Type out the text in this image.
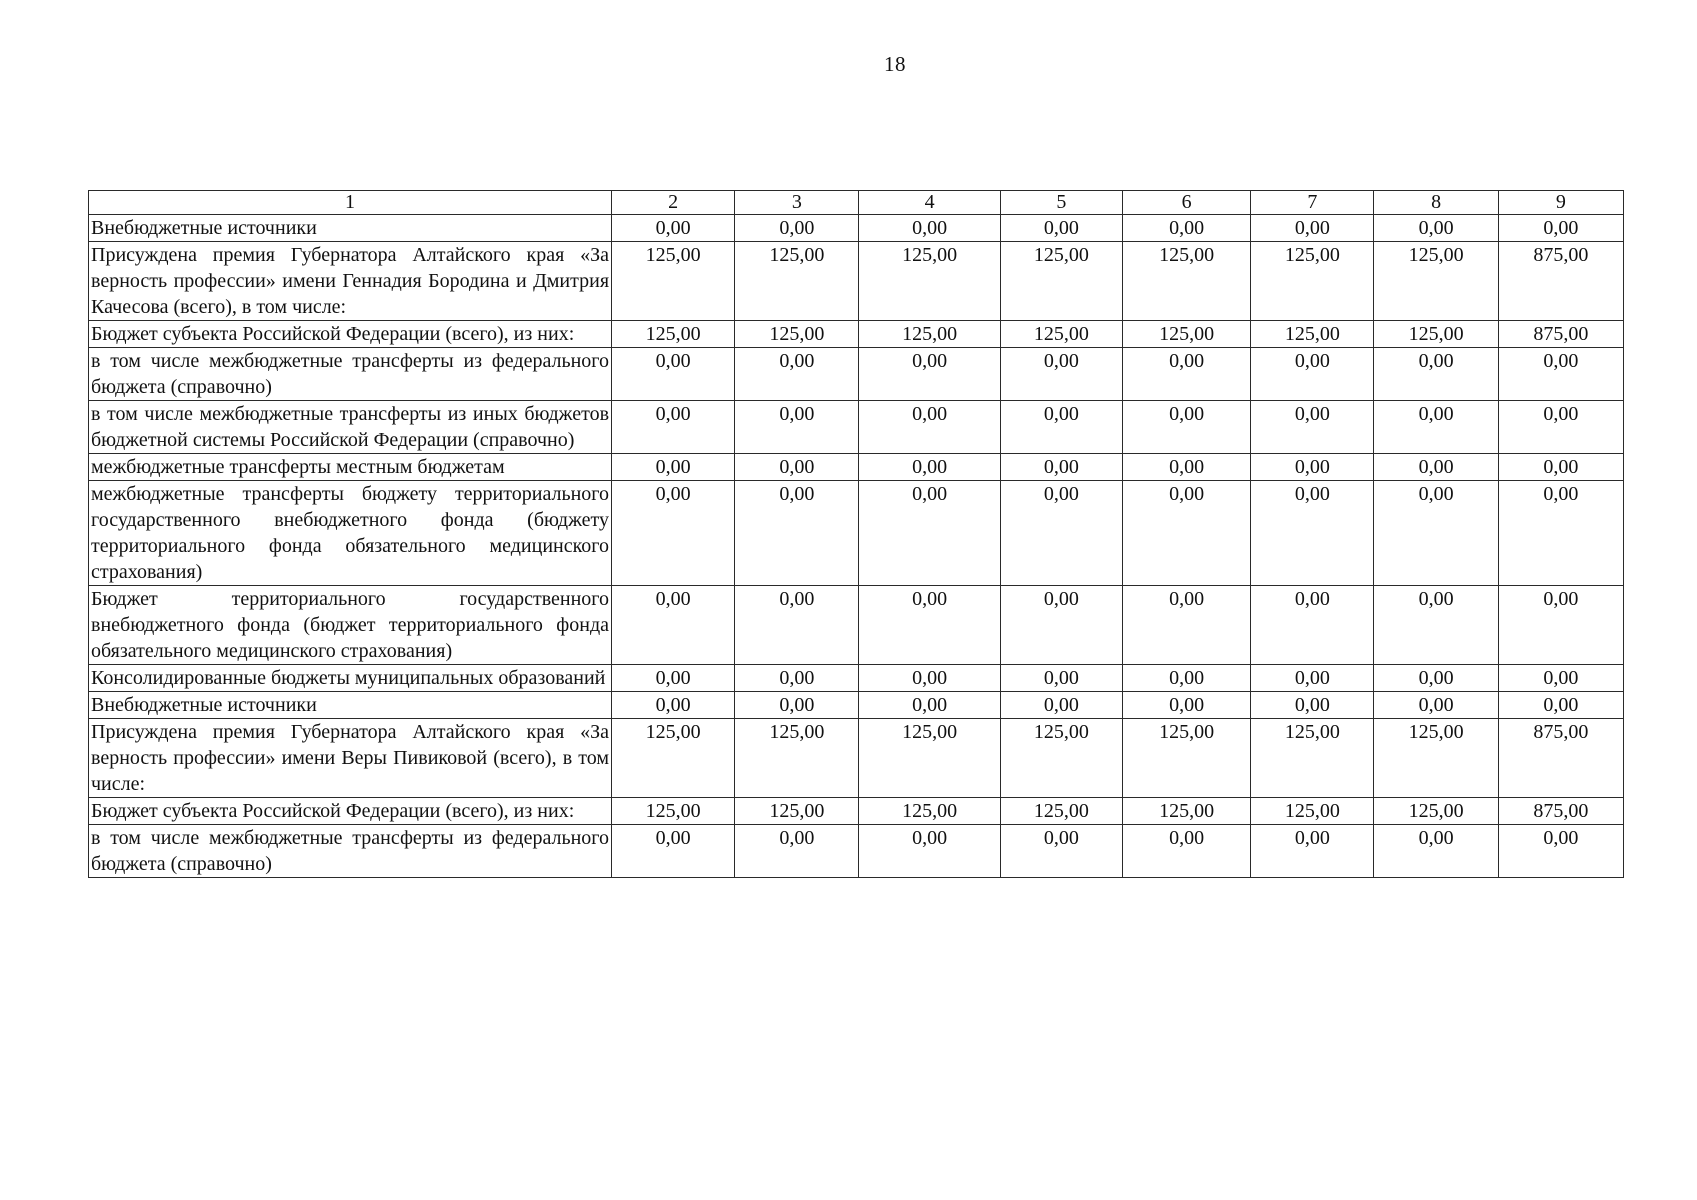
18
1	2	3	4	5	6	7	8	9
Внебюджетные источники	0,00	0,00	0,00	0,00	0,00	0,00	0,00	0,00
Присуждена премия Губернатора Алтайского края «За верность профессии» имени Геннадия Бородина и Дмитрия Качесова (всего), в том числе:	125,00	125,00	125,00	125,00	125,00	125,00	125,00	875,00
Бюджет субъекта Российской Федерации (всего), из них:	125,00	125,00	125,00	125,00	125,00	125,00	125,00	875,00
в том числе межбюджетные трансферты из федерального бюджета (справочно)	0,00	0,00	0,00	0,00	0,00	0,00	0,00	0,00
в том числе межбюджетные трансферты из иных бюджетов бюджетной системы Российской Федерации (справочно)	0,00	0,00	0,00	0,00	0,00	0,00	0,00	0,00
межбюджетные трансферты местным бюджетам	0,00	0,00	0,00	0,00	0,00	0,00	0,00	0,00
межбюджетные трансферты бюджету территориального государственного внебюджетного фонда (бюджету территориального фонда обязательного медицинского страхования)	0,00	0,00	0,00	0,00	0,00	0,00	0,00	0,00
Бюджет территориального государственного внебюджетного фонда (бюджет территориального фонда обязательного медицинского страхования)	0,00	0,00	0,00	0,00	0,00	0,00	0,00	0,00
Консолидированные бюджеты муниципальных образований	0,00	0,00	0,00	0,00	0,00	0,00	0,00	0,00
Внебюджетные источники	0,00	0,00	0,00	0,00	0,00	0,00	0,00	0,00
Присуждена премия Губернатора Алтайского края «За верность профессии» имени Веры Пивиковой (всего), в том числе:	125,00	125,00	125,00	125,00	125,00	125,00	125,00	875,00
Бюджет субъекта Российской Федерации (всего), из них:	125,00	125,00	125,00	125,00	125,00	125,00	125,00	875,00
в том числе межбюджетные трансферты из федерального бюджета (справочно)	0,00	0,00	0,00	0,00	0,00	0,00	0,00	0,00
